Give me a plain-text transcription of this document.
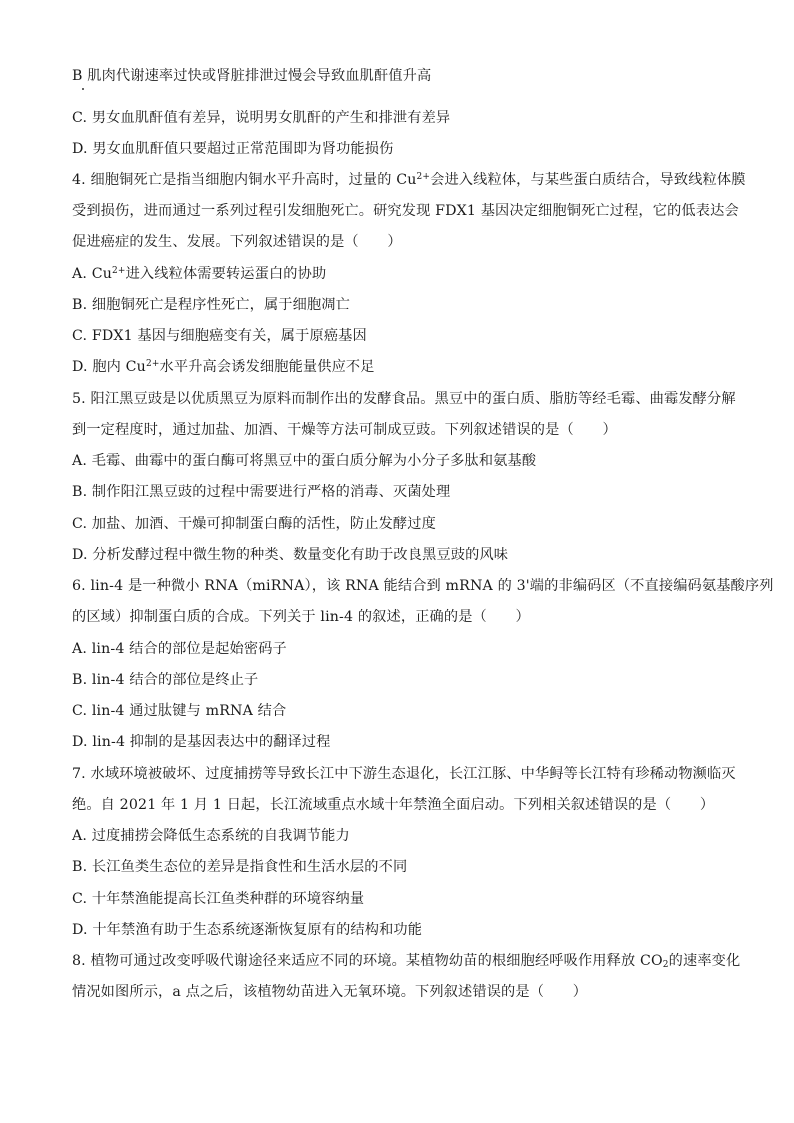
B 肌肉代谢速率过快或肾脏排泄过慢会导致血肌酐值升高
C. 男女血肌酐值有差异，说明男女肌酐的产生和排泄有差异
D. 男女血肌酐值只要超过正常范围即为肾功能损伤
4. 细胞铜死亡是指当细胞内铜水平升高时，过量的 $Cu^{2+}$会进入线粒体，与某些蛋白质结合，导致线粒体膜
受到损伤，进而通过一系列过程引发细胞死亡。研究发现 FDX1 基因决定细胞铜死亡过程，它的低表达会
促进癌症的发生、发展。下列叙述错误的是（　　）
A. $Cu^{2+}$进入线粒体需要转运蛋白的协助
B. 细胞铜死亡是程序性死亡，属于细胞凋亡
C. FDX1 基因与细胞癌变有关，属于原癌基因
D. 胞内 $Cu^{2+}$水平升高会诱发细胞能量供应不足
5. 阳江黑豆豉是以优质黑豆为原料而制作出的发酵食品。黑豆中的蛋白质、脂肪等经毛霉、曲霉发酵分解
到一定程度时，通过加盐、加酒、干燥等方法可制成豆豉。下列叙述错误的是（　　）
A. 毛霉、曲霉中的蛋白酶可将黑豆中的蛋白质分解为小分子多肽和氨基酸
B. 制作阳江黑豆豉的过程中需要进行严格的消毒、灭菌处理
C. 加盐、加酒、干燥可抑制蛋白酶的活性，防止发酵过度
D. 分析发酵过程中微生物的种类、数量变化有助于改良黑豆豉的风味
6. lin-4 是一种微小 RNA（miRNA），该 RNA 能结合到 mRNA 的 3'端的非编码区（不直接编码氨基酸序列
的区域）抑制蛋白质的合成。下列关于 lin-4 的叙述，正确的是（　　）
A. lin-4 结合的部位是起始密码子
B. lin-4 结合的部位是终止子
C. lin-4 通过肽键与 mRNA 结合
D. lin-4 抑制的是基因表达中的翻译过程
7. 水域环境被破坏、过度捕捞等导致长江中下游生态退化，长江江豚、中华鲟等长江特有珍稀动物濒临灭
绝。自 2021 年 1 月 1 日起，长江流域重点水域十年禁渔全面启动。下列相关叙述错误的是（　　）
A. 过度捕捞会降低生态系统的自我调节能力
B. 长江鱼类生态位的差异是指食性和生活水层的不同
C. 十年禁渔能提高长江鱼类种群的环境容纳量
D. 十年禁渔有助于生态系统逐渐恢复原有的结构和功能
8. 植物可通过改变呼吸代谢途径来适应不同的环境。某植物幼苗的根细胞经呼吸作用释放 $CO_2$的速率变化
情况如图所示，a 点之后，该植物幼苗进入无氧环境。下列叙述错误的是（　　）
